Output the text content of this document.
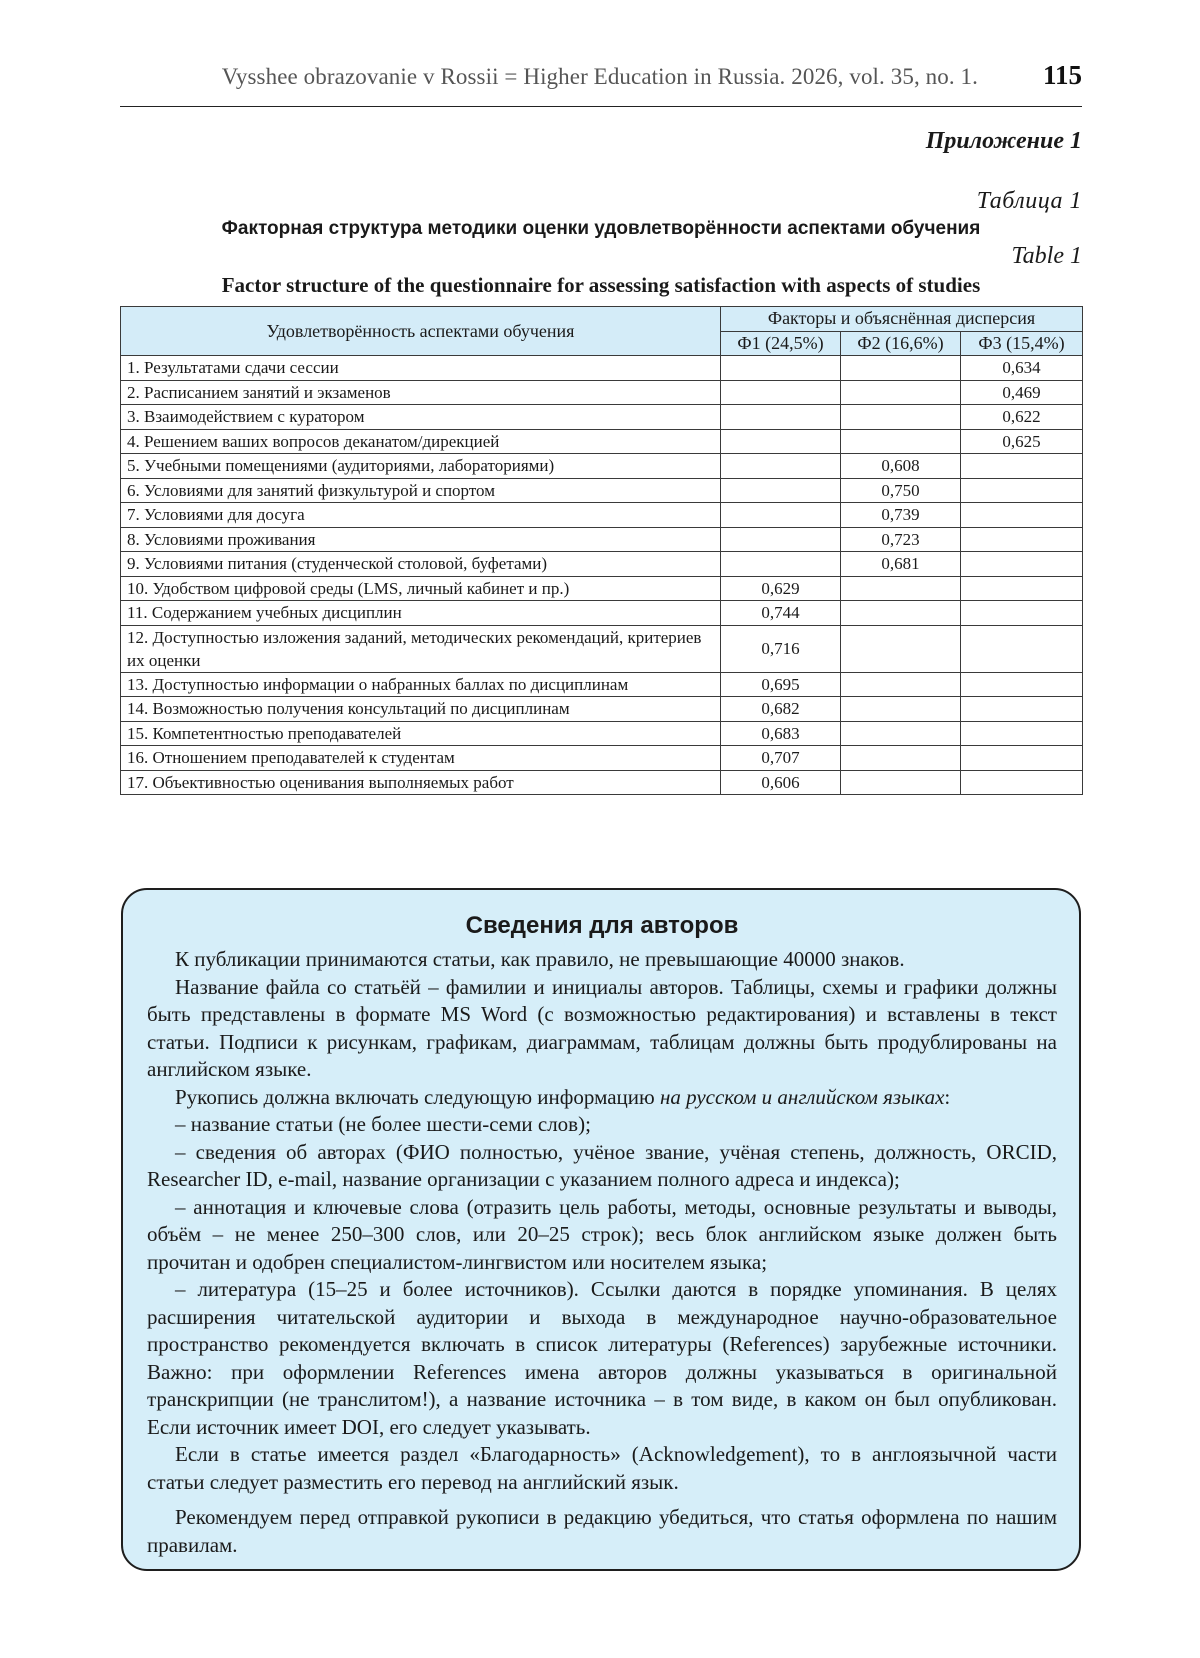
Vysshee obrazovanie v Rossii = Higher Education in Russia. 2026, vol. 35, no. 1. 115
Приложение 1
Таблица 1
Факторная структура методики оценки удовлетворённости аспектами обучения
Table 1
Factor structure of the questionnaire for assessing satisfaction with aspects of studies
Удовлетворённость аспектами обучения	Факторы и объяснённая дисперсия		
	Ф1 (24,5%)	Ф2 (16,6%)	Ф3 (15,4%)
1. Результатами сдачи сессии			0,634
2. Расписанием занятий и экзаменов			0,469
3. Взаимодействием с куратором			0,622
4. Решением ваших вопросов деканатом/дирекцией			0,625
5. Учебными помещениями (аудиториями, лабораториями)		0,608	
6. Условиями для занятий физкультурой и спортом		0,750	
7. Условиями для досуга		0,739	
8. Условиями проживания		0,723	
9. Условиями питания (студенческой столовой, буфетами)		0,681	
10. Удобством цифровой среды (LMS, личный кабинет и пр.)	0,629		
11. Содержанием учебных дисциплин	0,744		
12. Доступностью изложения заданий, методических рекомендаций, критериев их оценки	0,716		
13. Доступностью информации о набранных баллах по дисциплинам	0,695		
14. Возможностью получения консультаций по дисциплинам	0,682		
15. Компетентностью преподавателей	0,683		
16. Отношением преподавателей к студентам	0,707		
17. Объективностью оценивания выполняемых работ	0,606		
Сведения для авторов

К публикации принимаются статьи, как правило, не превышающие 40000 знаков.

Название файла со статьёй – фамилии и инициалы авторов. Таблицы, схемы и графики должны быть представлены в формате MS Word (с возможностью редактирования) и вставлены в текст статьи. Подписи к рисункам, графикам, диаграммам, таблицам должны быть продублированы на английском языке.

Рукопись должна включать следующую информацию на русском и английском языках:

– название статьи (не более шести-семи слов);

– сведения об авторах (ФИО полностью, учёное звание, учёная степень, должность, ORCID, Researcher ID, e-mail, название организации с указанием полного адреса и индекса);

– аннотация и ключевые слова (отразить цель работы, методы, основные результаты и выводы, объём – не менее 250–300 слов, или 20–25 строк); весь блок английском языке должен быть прочитан и одобрен специалистом-лингвистом или носителем языка;

– литература (15–25 и более источников). Ссылки даются в порядке упоминания. В целях расширения читательской аудитории и выхода в международное научно-образовательное пространство рекомендуется включать в список литературы (References) зарубежные источники. Важно: при оформлении References имена авторов должны указываться в оригинальной транскрипции (не транслитом!), а название источника – в том виде, в каком он был опубликован. Если источник имеет DOI, его следует указывать.

Если в статье имеется раздел «Благодарность» (Acknowledgement), то в англоязычной части статьи следует разместить его перевод на английский язык.

Рекомендуем перед отправкой рукописи в редакцию убедиться, что статья оформлена по нашим правилам.
